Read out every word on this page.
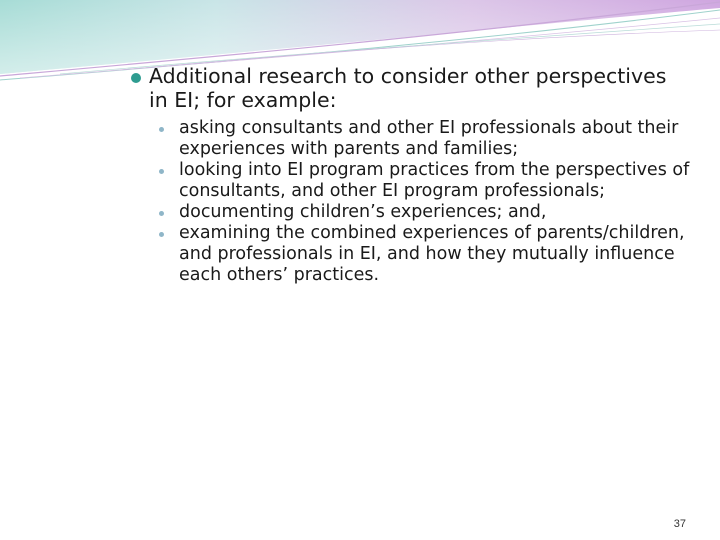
Additional research to consider other perspectives in EI; for example:
asking consultants and other EI professionals about their experiences with parents and families;
looking into EI program practices from the perspectives of consultants, and other EI program professionals;
documenting children’s experiences; and,
examining the combined experiences of parents/children, and professionals in EI, and how they mutually influence each others’ practices.
37
